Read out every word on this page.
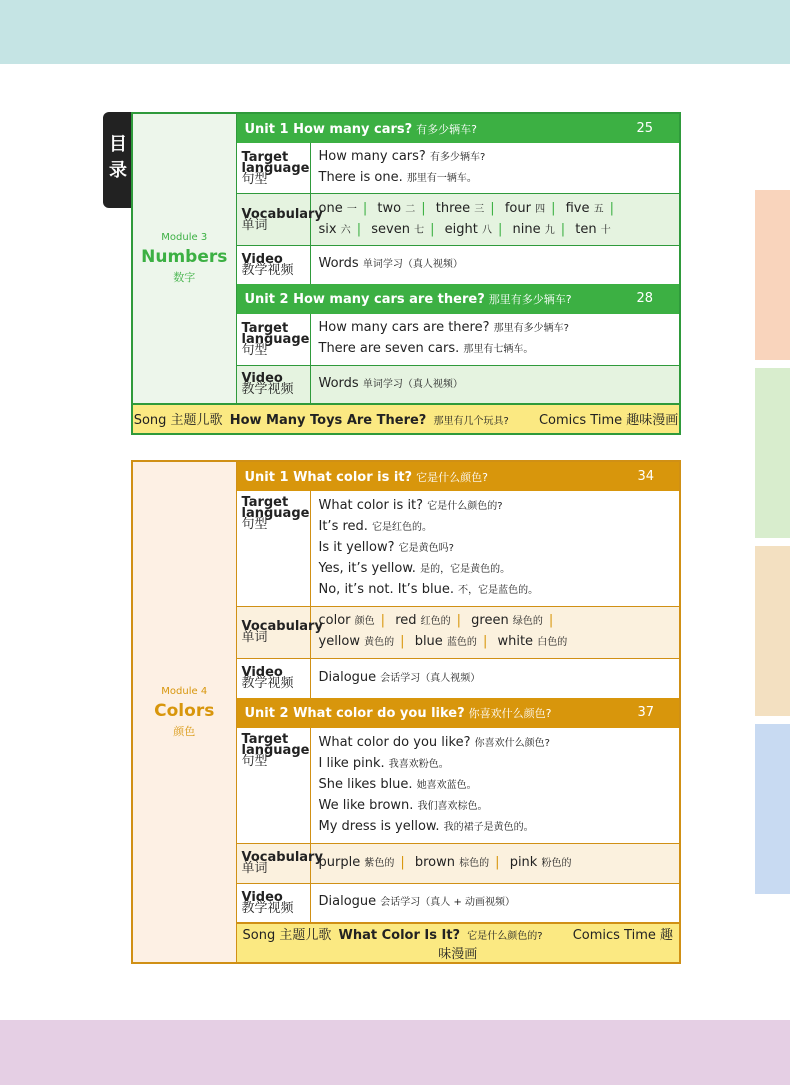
目
录
Module 3
Numbers
数字	Unit 1 How many cars? 有多少辆车? 25	

	Target
language
句型	How many cars? 有多少辆车?
There is one. 那里有一辆车。

	Vocabulary
单词	one 一 | two 二 | three 三 | four 四 | five 五 |
six 六 | seven 七 | eight 八 | nine 九 | ten 十

	Video
教学视频	Words 单词学习（真人视频）

	Unit 2 How many cars are there? 那里有多少辆车? 28	

	Target
language
句型	How many cars are there? 那里有多少辆车?
There are seven cars. 那里有七辆车。

	Video
教学视频	Words 单词学习（真人视频）
Song 主题儿歌 How Many Toys Are There? 那里有几个玩具? Comics Time 趣味漫画		
Module 4
Colors
颜色	Unit 1 What color is it? 它是什么颜色? 34	

	Target
language
句型	What color is it? 它是什么颜色的?
It’s red. 它是红色的。
Is it yellow? 它是黄色吗?
Yes, it’s yellow. 是的，它是黄色的。
No, it’s not. It’s blue. 不，它是蓝色的。

	Vocabulary
单词	color 颜色 | red 红色的 | green 绿色的 |
yellow 黄色的 | blue 蓝色的 | white 白色的

	Video
教学视频	Dialogue 会话学习（真人视频）

	Unit 2 What color do you like? 你喜欢什么颜色? 37	

	Target
language
句型	What color do you like? 你喜欢什么颜色?
I like pink. 我喜欢粉色。
She likes blue. 她喜欢蓝色。
We like brown. 我们喜欢棕色。
My dress is yellow. 我的裙子是黄色的。

	Vocabulary
单词	purple 紫色的 | brown 棕色的 | pink 粉色的

	Video
教学视频	Dialogue 会话学习（真人 + 动画视频）
	Song 主题儿歌 What Color Is It? 它是什么颜色的? Comics Time 趣味漫画	
